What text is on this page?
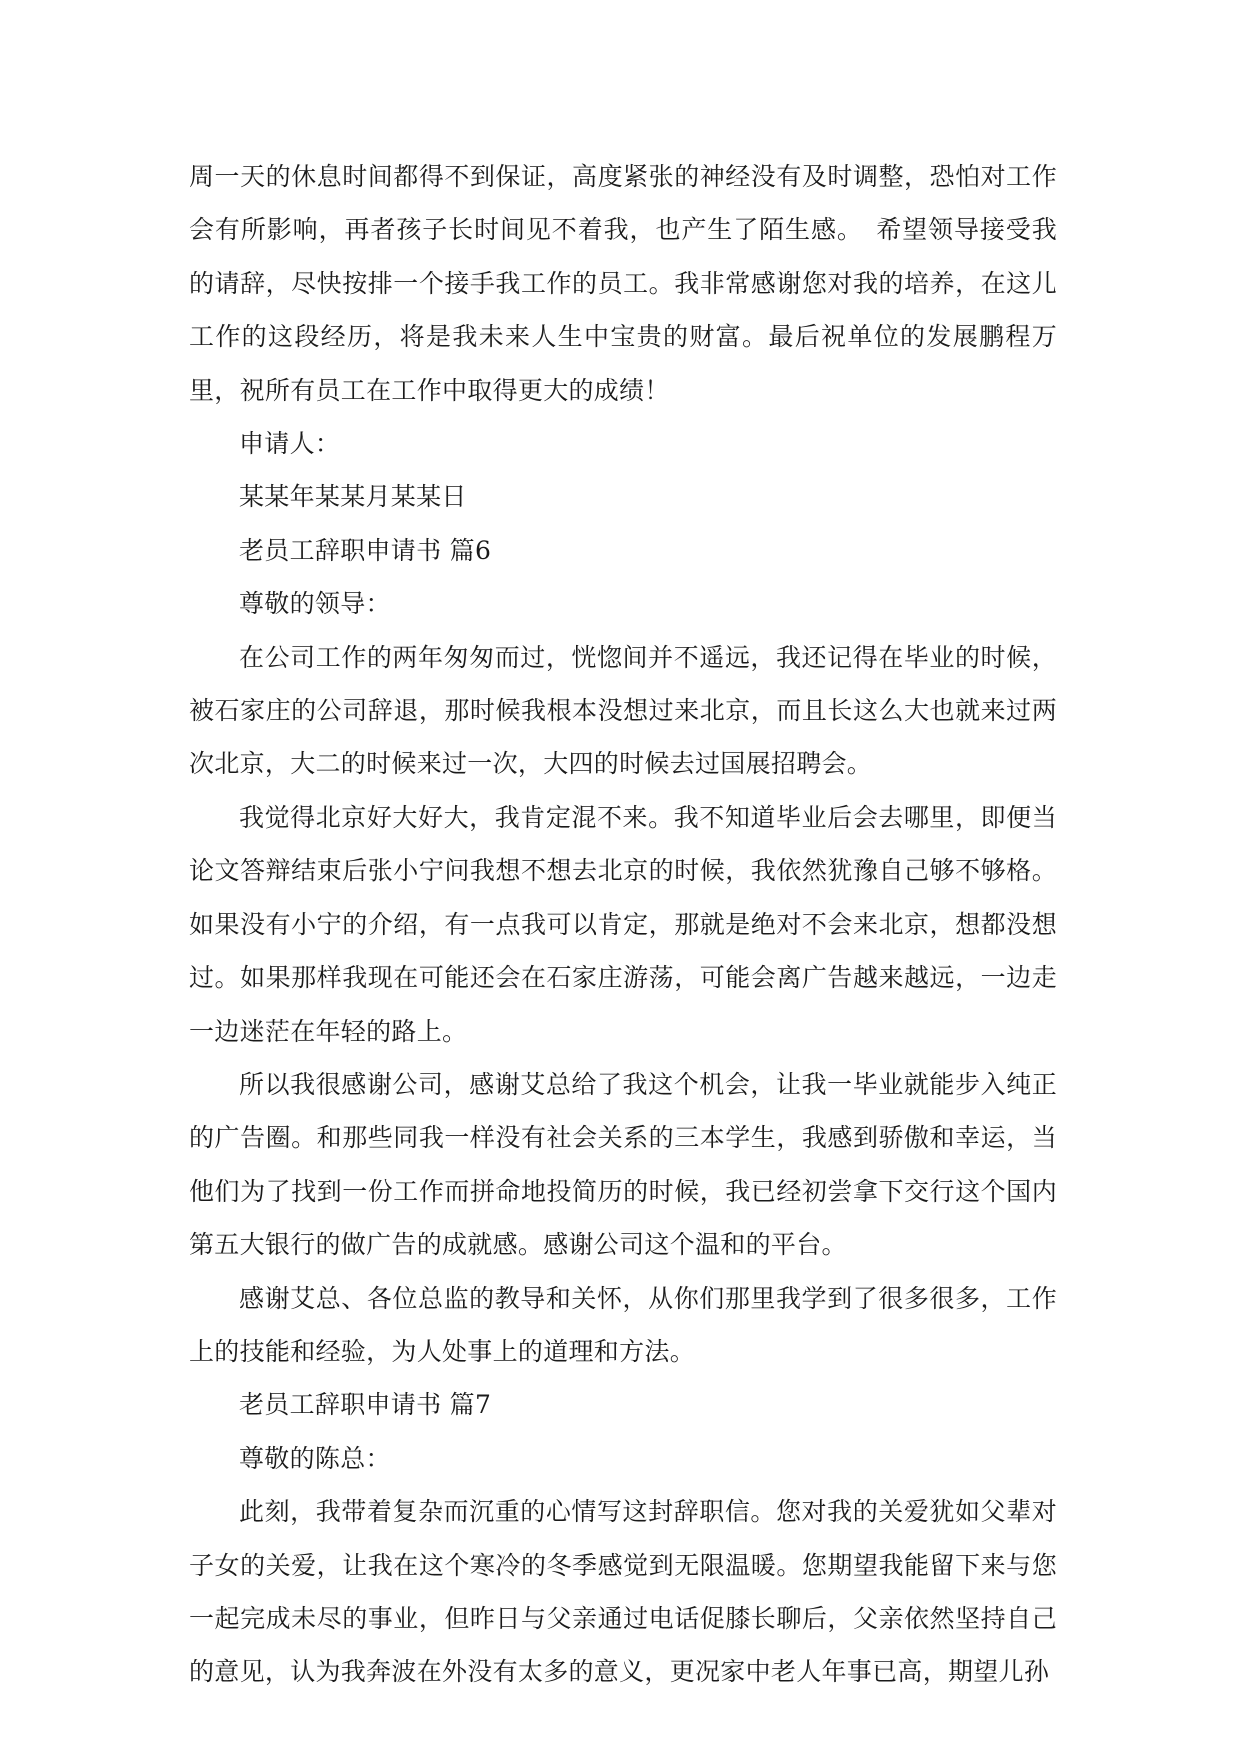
周一天的休息时间都得不到保证，高度紧张的神经没有及时调整，恐怕对工作会有所影响，再者孩子长时间见不着我，也产生了陌生感。　希望领导接受我的请辞，尽快按排一个接手我工作的员工。我非常感谢您对我的培养，在这儿工作的这段经历，将是我未来人生中宝贵的财富。最后祝单位的发展鹏程万里，祝所有员工在工作中取得更大的成绩！

申请人：

某某年某某月某某日

老员工辞职申请书 篇6

尊敬的领导：

在公司工作的两年匆匆而过，恍惚间并不遥远，我还记得在毕业的时候，被石家庄的公司辞退，那时候我根本没想过来北京，而且长这么大也就来过两次北京，大二的时候来过一次，大四的时候去过国展招聘会。

我觉得北京好大好大，我肯定混不来。我不知道毕业后会去哪里，即便当论文答辩结束后张小宁问我想不想去北京的时候，我依然犹豫自己够不够格。如果没有小宁的介绍，有一点我可以肯定，那就是绝对不会来北京，想都没想过。如果那样我现在可能还会在石家庄游荡，可能会离广告越来越远，一边走一边迷茫在年轻的路上。

所以我很感谢公司，感谢艾总给了我这个机会，让我一毕业就能步入纯正的广告圈。和那些同我一样没有社会关系的三本学生，我感到骄傲和幸运，当他们为了找到一份工作而拼命地投简历的时候，我已经初尝拿下交行这个国内第五大银行的做广告的成就感。感谢公司这个温和的平台。

感谢艾总、各位总监的教导和关怀，从你们那里我学到了很多很多，工作上的技能和经验，为人处事上的道理和方法。

老员工辞职申请书 篇7

尊敬的陈总：

此刻，我带着复杂而沉重的心情写这封辞职信。您对我的关爱犹如父辈对子女的关爱，让我在这个寒冷的冬季感觉到无限温暖。您期望我能留下来与您一起完成未尽的事业，但昨日与父亲通过电话促膝长聊后，父亲依然坚持自己的意见，认为我奔波在外没有太多的意义，更况家中老人年事已高，期望儿孙
